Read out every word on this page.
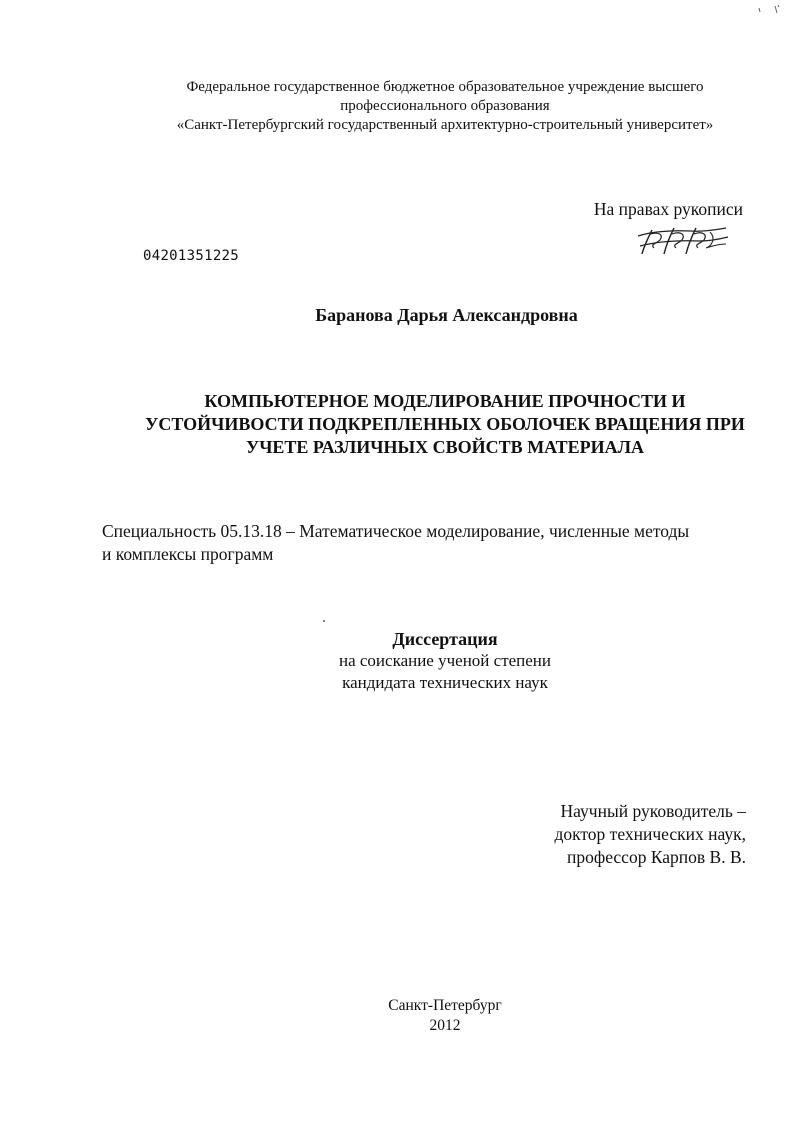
Федеральное государственное бюджетное образовательное учреждение высшего
профессионального образования
«Санкт-Петербургский государственный архитектурно-строительный университет»
На правах рукописи
04201351225
Баранова Дарья Александровна
КОМПЬЮТЕРНОЕ МОДЕЛИРОВАНИЕ ПРОЧНОСТИ И
УСТОЙЧИВОСТИ ПОДКРЕПЛЕННЫХ ОБОЛОЧЕК ВРАЩЕНИЯ ПРИ
УЧЕТЕ РАЗЛИЧНЫХ СВОЙСТВ МАТЕРИАЛА
Специальность 05.13.18 – Математическое моделирование, численные методы
и комплексы программ
Диссертация
на соискание ученой степени
кандидата технических наук
Научный руководитель –
доктор технических наук,
профессор Карпов В. В.
Санкт-Петербург
2012
